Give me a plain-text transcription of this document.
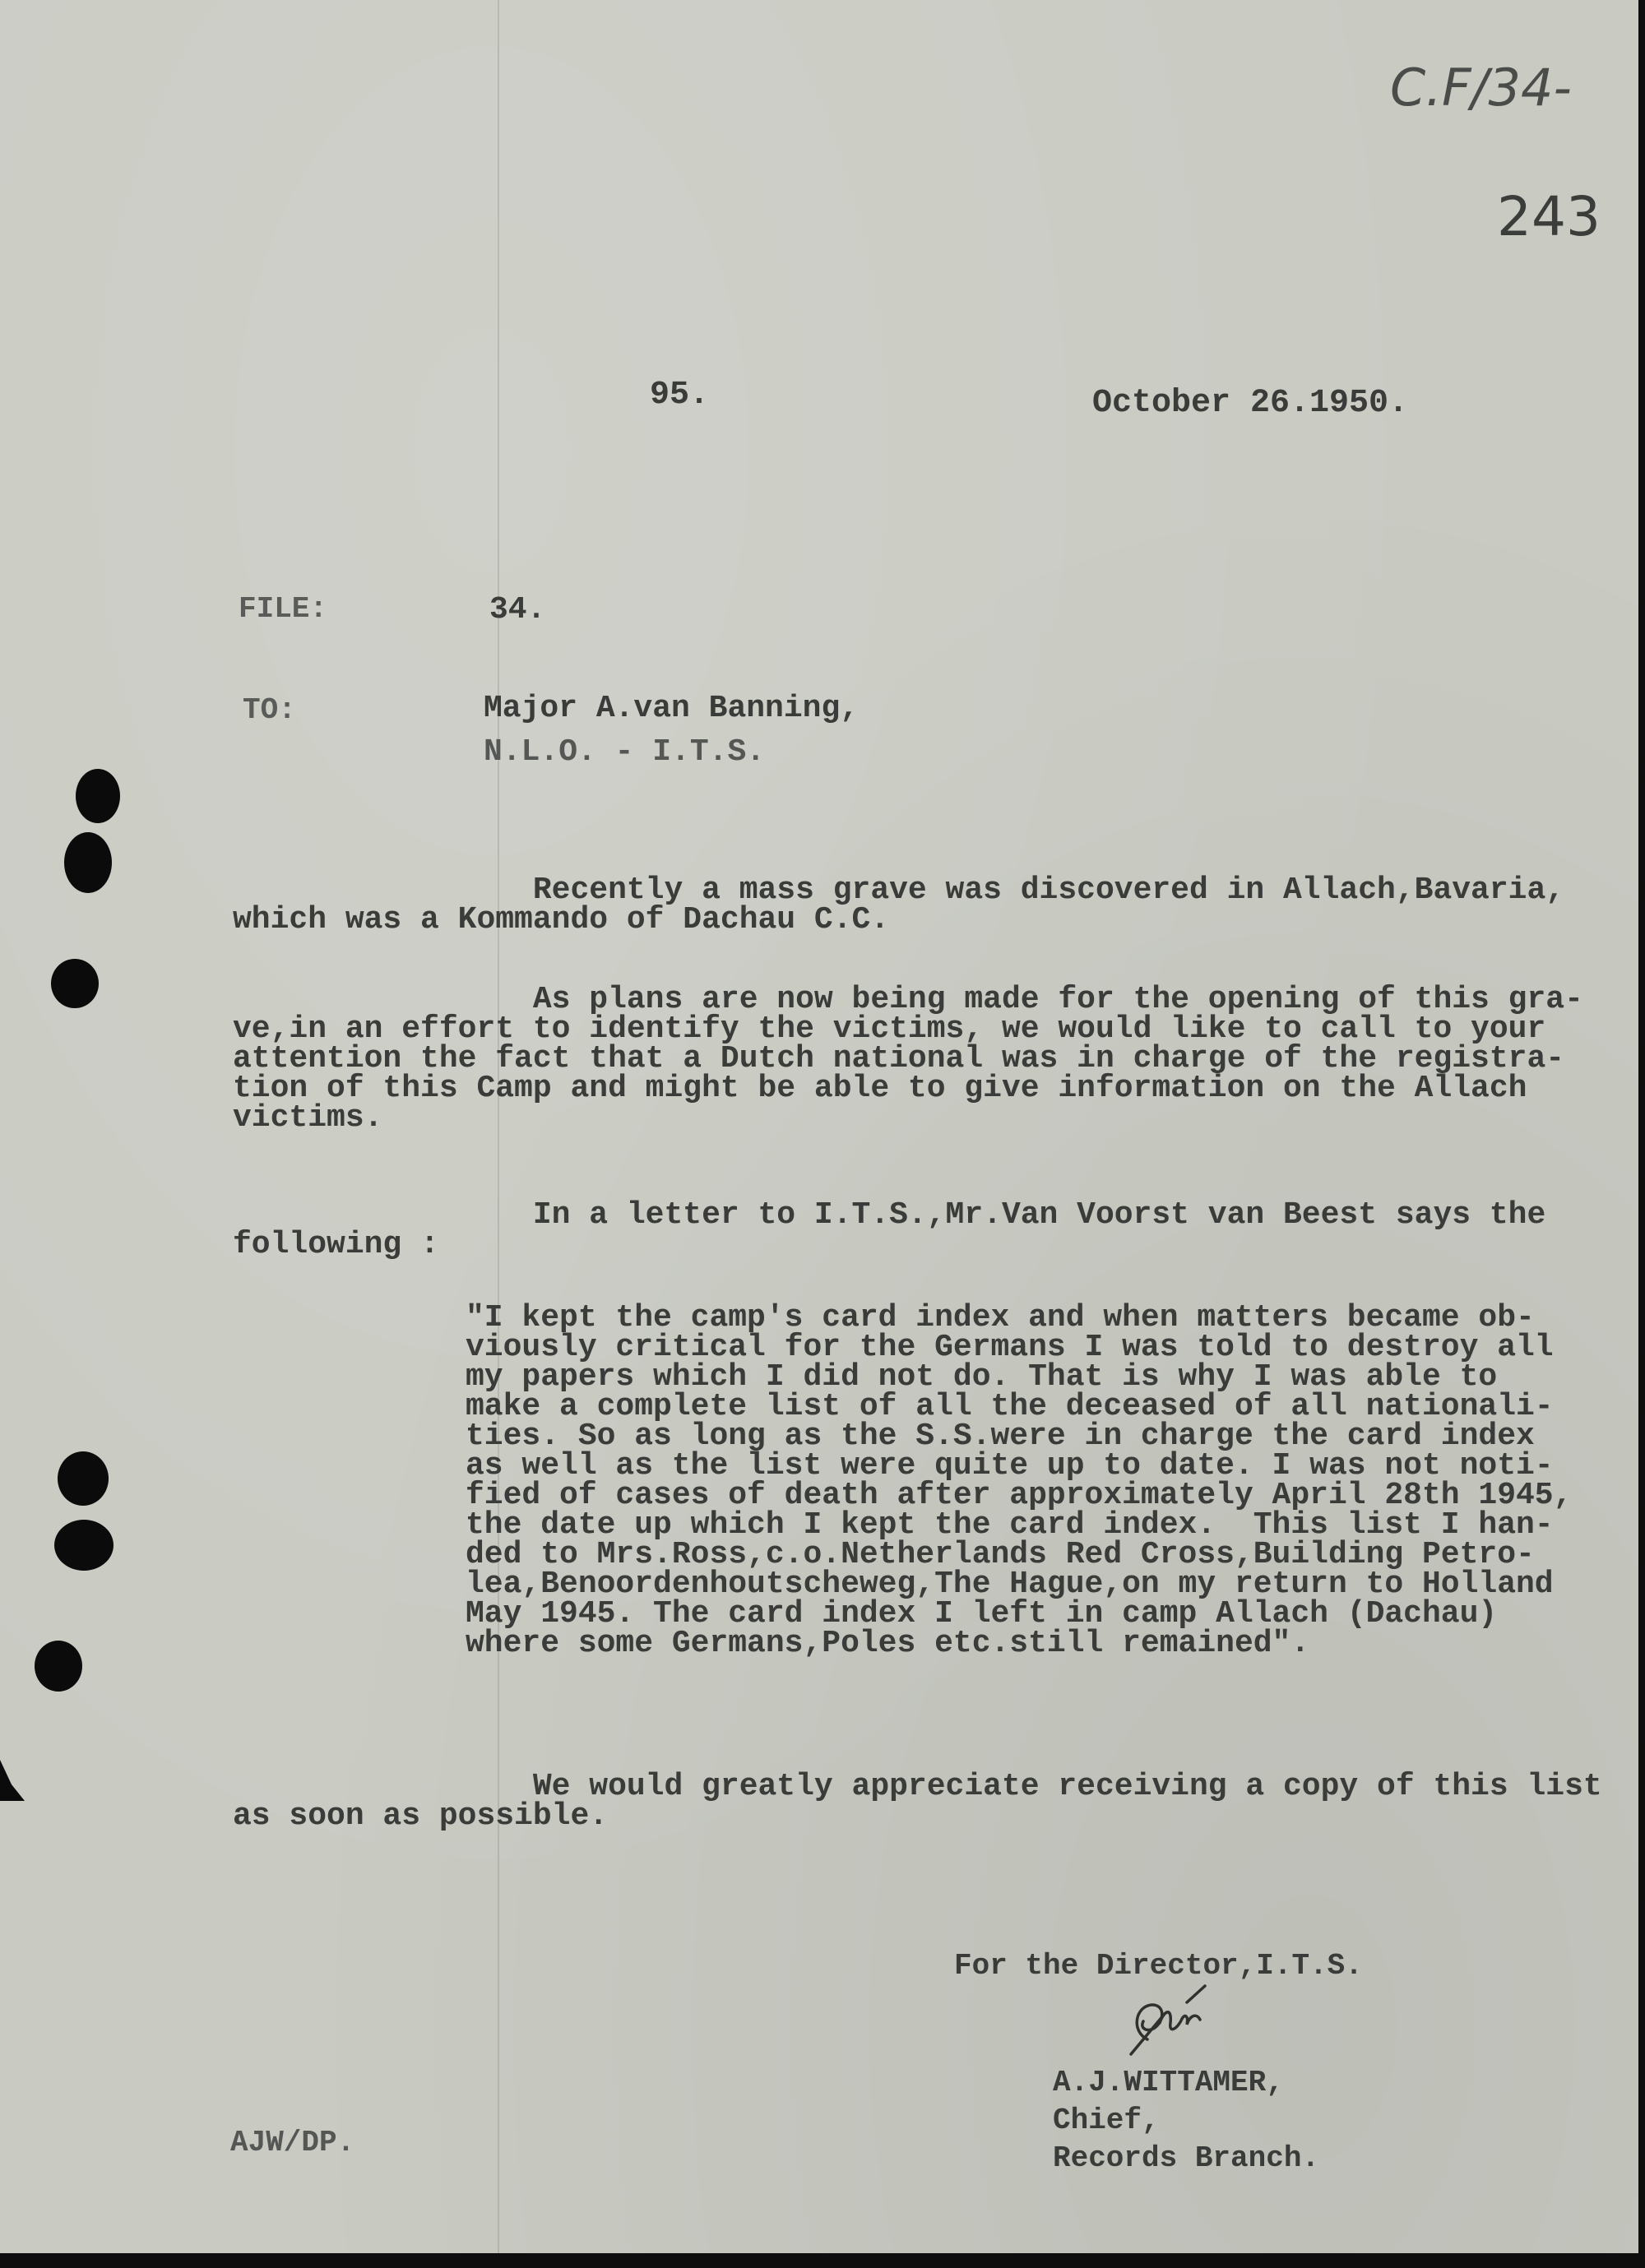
C.F/34-
243
95.	October 26.1950.
FILE:	34.
TO:	Major A.van Banning,
N.L.O. - I.T.S.
Recently a mass grave was discovered in Allach,Bavaria,
which was a Kommando of Dachau C.C.
As plans are now being made for the opening of this gra-
ve,in an effort to identify the victims, we would like to call to your
attention the fact that a Dutch national was in charge of the registra-
tion of this Camp and might be able to give information on the Allach
victims.
In a letter to I.T.S.,Mr.Van Voorst van Beest says the
following :
"I kept the camp's card index and when matters became ob-
viously critical for the Germans I was told to destroy all
my papers which I did not do. That is why I was able to
make a complete list of all the deceased of all nationali-
ties. So as long as the S.S.were in charge the card index
as well as the list were quite up to date. I was not noti-
fied of cases of death after approximately April 28th 1945,
the date up which I kept the card index.  This list I han-
ded to Mrs.Ross,c.o.Netherlands Red Cross,Building Petro-
lea,Benoordenhoutscheweg,The Hague,on my return to Holland
May 1945. The card index I left in camp Allach (Dachau)
where some Germans,Poles etc.still remained".
We would greatly appreciate receiving a copy of this list
as soon as possible.
For the Director,I.T.S.
A.J.WITTAMER,
Chief,
Records Branch.
AJW/DP.
